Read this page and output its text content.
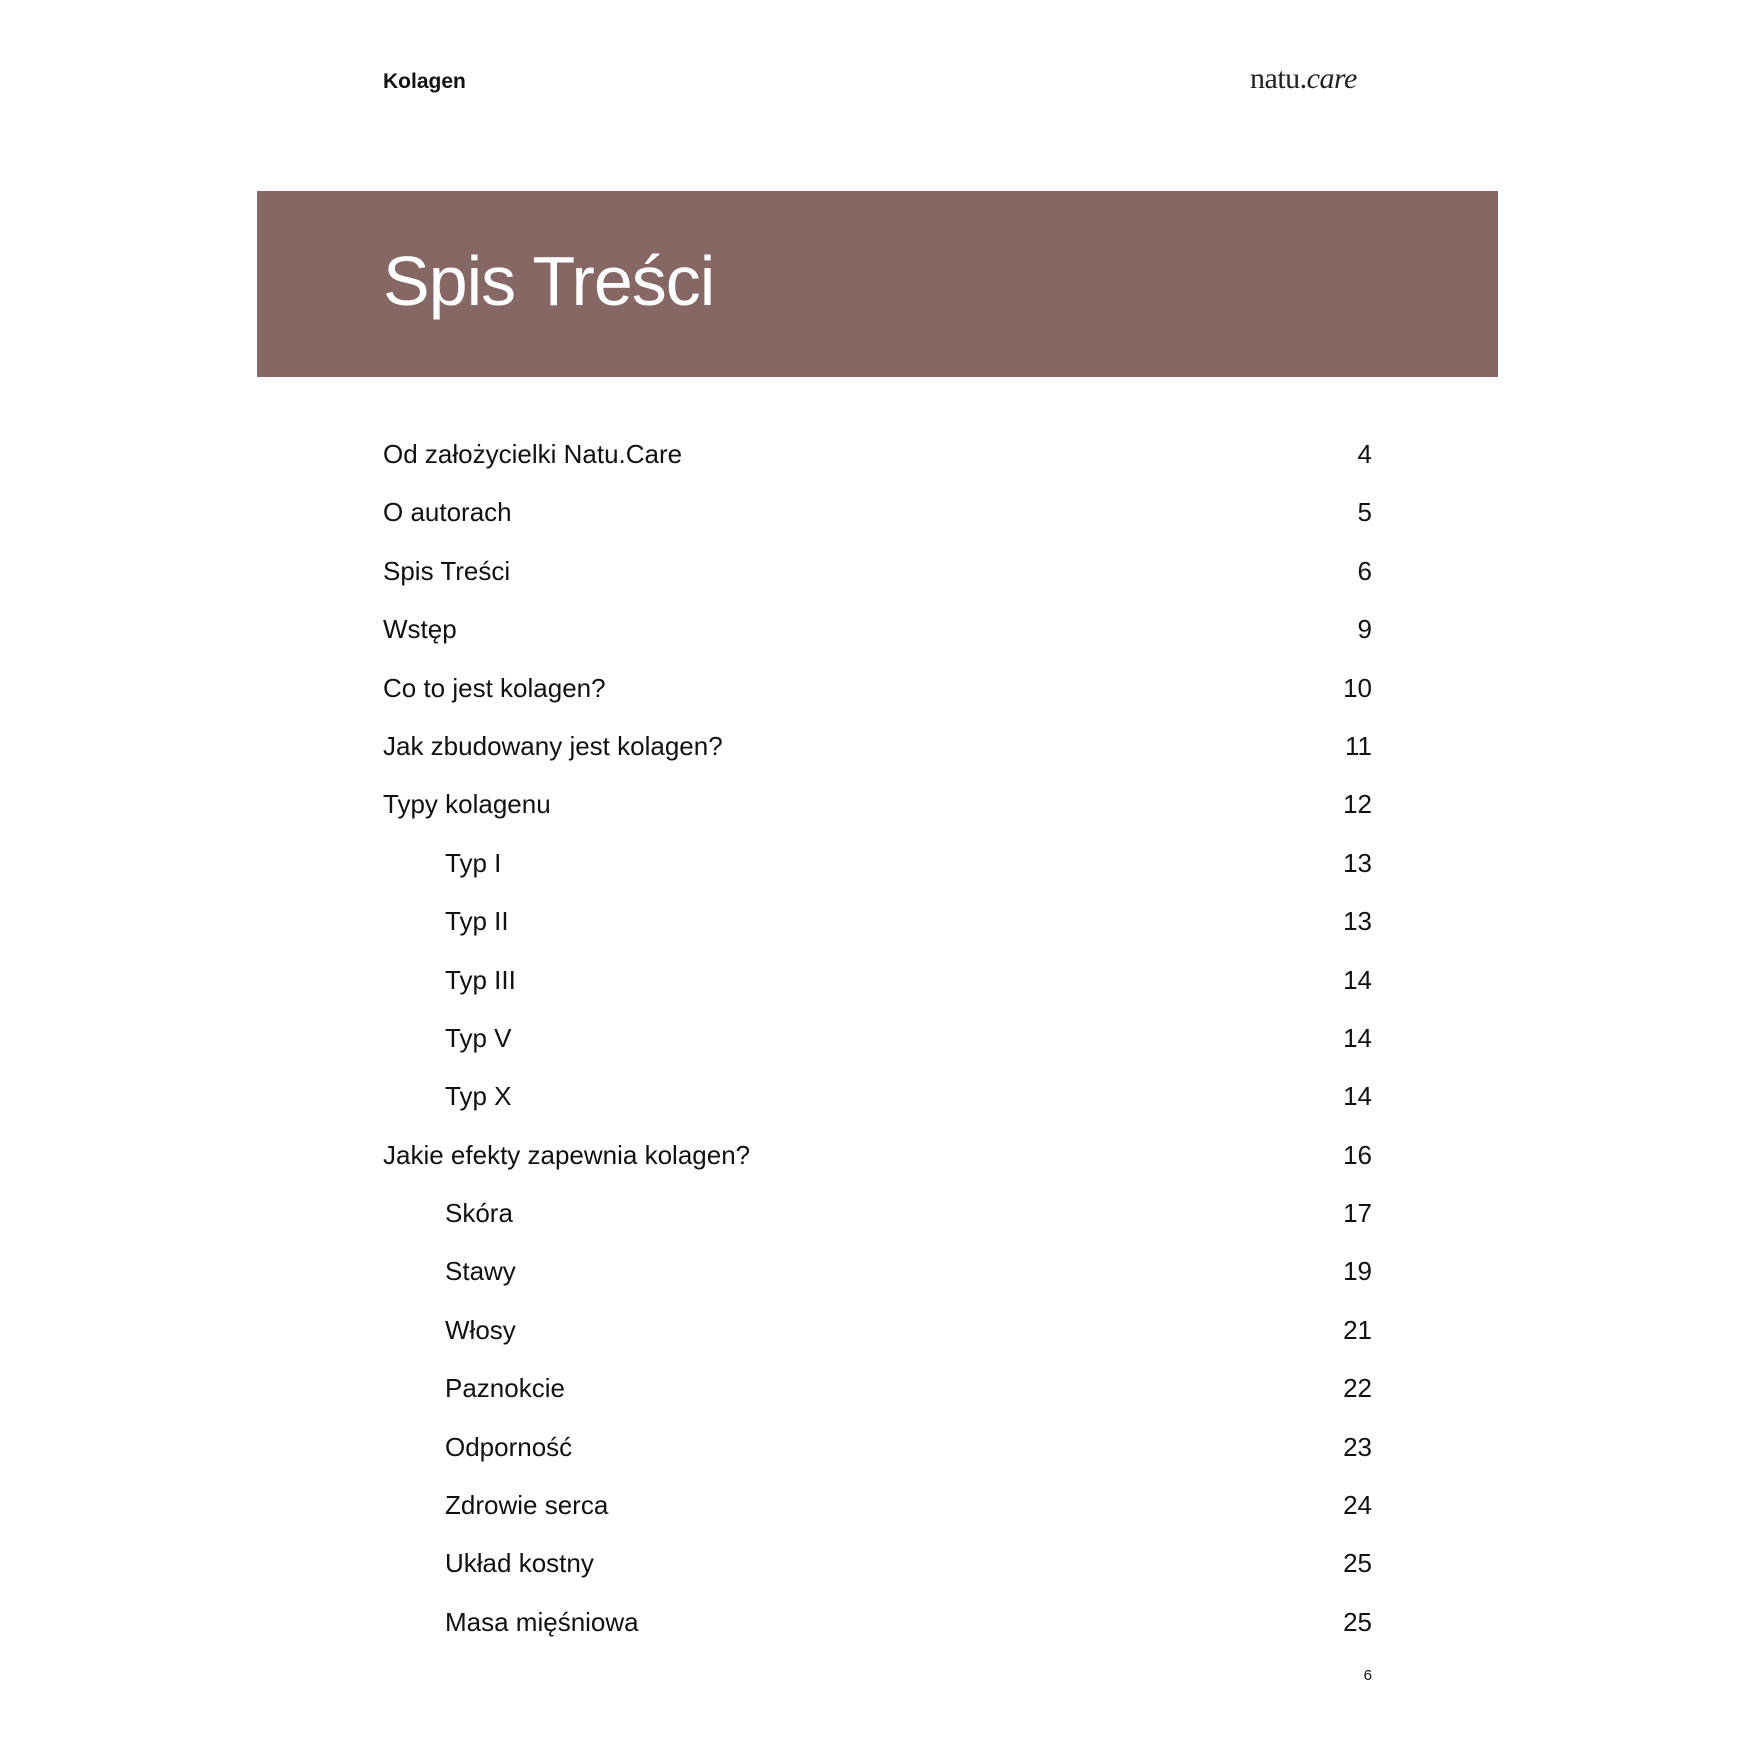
Kolagen	natu.care
Spis Treści
Od założycielki Natu.Care	4
O autorach	5
Spis Treści	6
Wstęp	9
Co to jest kolagen?	10
Jak zbudowany jest kolagen?	11
Typy kolagenu	12
Typ I	13
Typ II	13
Typ III	14
Typ V	14
Typ X	14
Jakie efekty zapewnia kolagen?	16
Skóra	17
Stawy	19
Włosy	21
Paznokcie	22
Odporność	23
Zdrowie serca	24
Układ kostny	25
Masa mięśniowa	25
6
